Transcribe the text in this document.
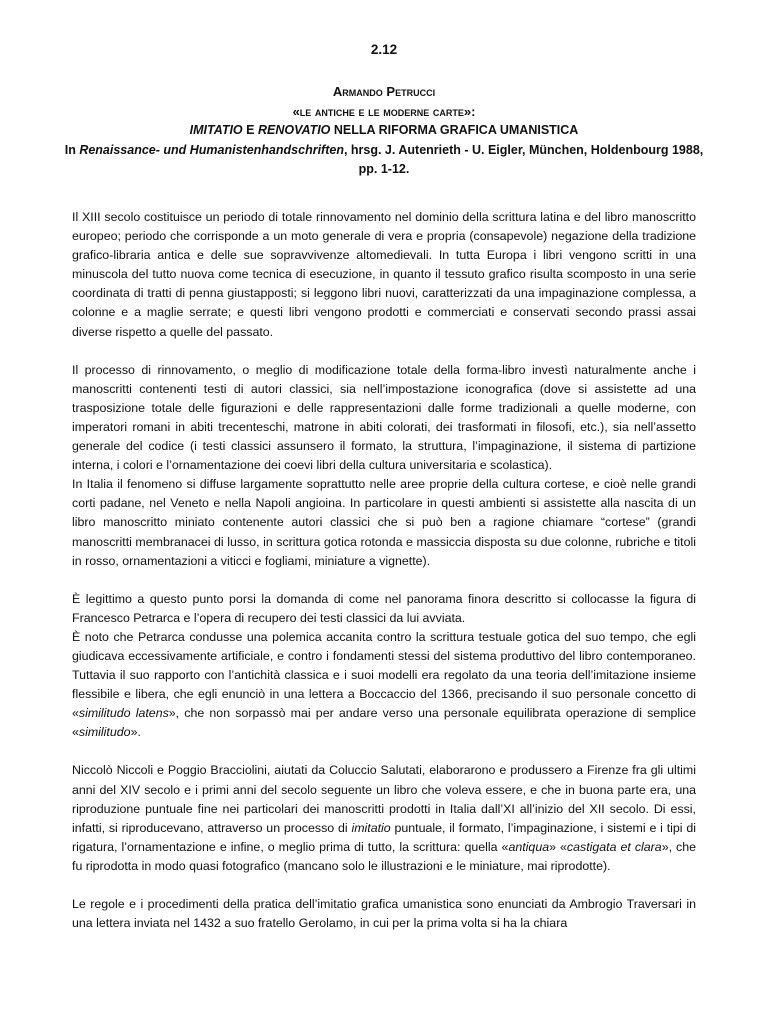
2.12
Armando Petrucci
«le antiche e le moderne carte»:
IMITATIO E RENOVATIO NELLA RIFORMA GRAFICA UMANISTICA
In Renaissance- und Humanistenhandschriften, hrsg. J. Autenrieth - U. Eigler, München, Holdenbourg 1988,
pp. 1-12.

Il XIII secolo costituisce un periodo di totale rinnovamento nel dominio della scrittura latina e del libro manoscritto europeo; periodo che corrisponde a un moto generale di vera e propria (consapevole) negazione della tradizione grafico-libraria antica e delle sue sopravvivenze altomedievali. In tutta Europa i libri vengono scritti in una minuscola del tutto nuova come tecnica di esecuzione, in quanto il tessuto grafico risulta scomposto in una serie coordinata di tratti di penna giustapposti; si leggono libri nuovi, caratterizzati da una impaginazione complessa, a colonne e a maglie serrate; e questi libri vengono prodotti e commerciati e conservati secondo prassi assai diverse rispetto a quelle del passato.

Il processo di rinnovamento, o meglio di modificazione totale della forma-libro investì naturalmente anche i manoscritti contenenti testi di autori classici, sia nell’impostazione iconografica (dove si assistette ad una trasposizione totale delle figurazioni e delle rappresentazioni dalle forme tradizionali a quelle moderne, con imperatori romani in abiti trecenteschi, matrone in abiti colorati, dei trasformati in filosofi, etc.), sia nell’assetto generale del codice (i testi classici assunsero il formato, la struttura, l’impaginazione, il sistema di partizione interna, i colori e l’ornamentazione dei coevi libri della cultura universitaria e scolastica).

In Italia il fenomeno si diffuse largamente soprattutto nelle aree proprie della cultura cortese, e cioè nelle grandi corti padane, nel Veneto e nella Napoli angioina. In particolare in questi ambienti si assistette alla nascita di un libro manoscritto miniato contenente autori classici che si può ben a ragione chiamare “cortese” (grandi manoscritti membranacei di lusso, in scrittura gotica rotonda e massiccia disposta su due colonne, rubriche e titoli in rosso, ornamentazioni a viticci e fogliami, miniature a vignette).

È legittimo a questo punto porsi la domanda di come nel panorama finora descritto si collocasse la figura di Francesco Petrarca e l’opera di recupero dei testi classici da lui avviata.

È noto che Petrarca condusse una polemica accanita contro la scrittura testuale gotica del suo tempo, che egli giudicava eccessivamente artificiale, e contro i fondamenti stessi del sistema produttivo del libro contemporaneo. Tuttavia il suo rapporto con l’antichità classica e i suoi modelli era regolato da una teoria dell’imitazione insieme flessibile e libera, che egli enunciò in una lettera a Boccaccio del 1366, precisando il suo personale concetto di «similitudo latens», che non sorpassò mai per andare verso una personale equilibrata operazione di semplice «similitudo».

Niccolò Niccoli e Poggio Bracciolini, aiutati da Coluccio Salutati, elaborarono e produssero a Firenze fra gli ultimi anni del XIV secolo e i primi anni del secolo seguente un libro che voleva essere, e che in buona parte era, una riproduzione puntuale fine nei particolari dei manoscritti prodotti in Italia dall’XI all’inizio del XII secolo. Di essi, infatti, si riproducevano, attraverso un processo di imitatio puntuale, il formato, l’impaginazione, i sistemi e i tipi di rigatura, l’ornamentazione e infine, o meglio prima di tutto, la scrittura: quella «antiqua» «castigata et clara», che fu riprodotta in modo quasi fotografico (mancano solo le illustrazioni e le miniature, mai riprodotte).

Le regole e i procedimenti della pratica dell’imitatio grafica umanistica sono enunciati da Ambrogio Traversari in una lettera inviata nel 1432 a suo fratello Gerolamo, in cui per la prima volta si ha la chiara
